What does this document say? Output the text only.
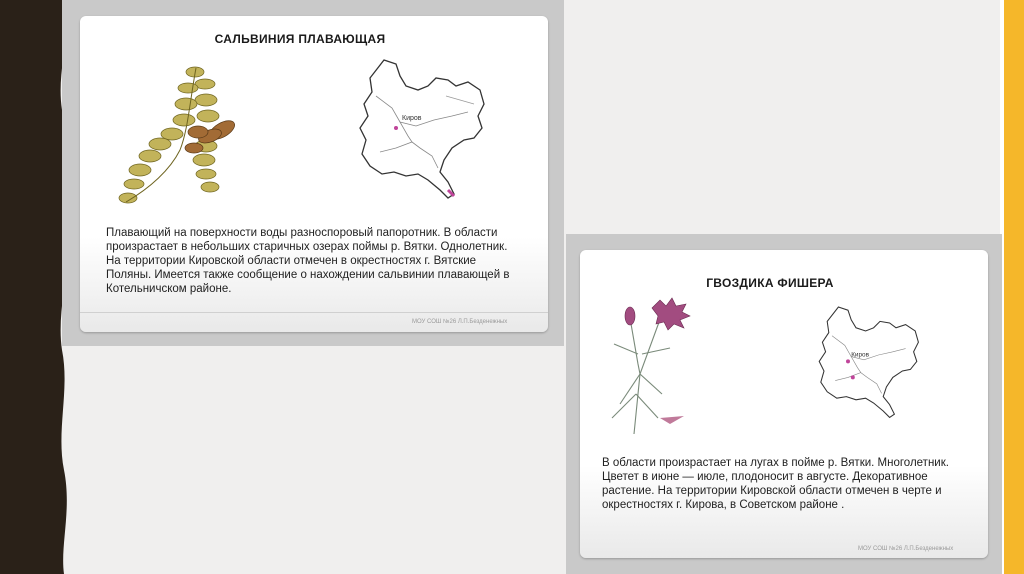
САЛЬВИНИЯ ПЛАВАЮЩАЯ
Киров

Плавающий на поверхности воды разноспоровый папоротник. В области произрастает в небольших старичных озерах поймы р. Вятки. Однолетник. На территории Кировской области отмечен в окрестностях г. Вятские Поляны. Имеется также сообщение о нахождении сальвинии плавающей в Котельничском районе.

МОУ СОШ №26 Л.П.Безденежных
ГВОЗДИКА ФИШЕРА
Киров

В области произрастает на лугах в пойме р. Вятки. Многолетник. Цветет в июне — июле, плодоносит в августе. Декоративное растение. На территории Кировской области отмечен в черте и окрестностях г. Кирова, в Советском районе .

МОУ СОШ №26 Л.П.Безденежных
